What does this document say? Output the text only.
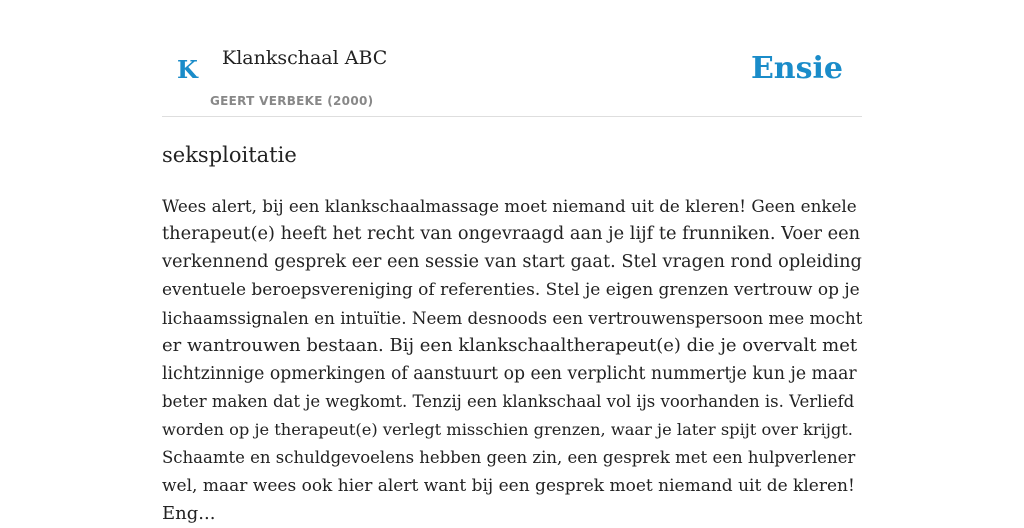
K Klankschaal ABC
GEERT VERBEKE (2000)
Ensie
seksploitatie
Wees alert, bij een klankschaalmassage moet niemand uit de kleren! Geen enkele
therapeut(e) heeft het recht van ongevraagd aan je lijf te frunniken. Voer een
verkennend gesprek eer een sessie van start gaat. Stel vragen rond opleiding
eventuele beroepsvereniging of referenties. Stel je eigen grenzen vertrouw op je
lichaamssignalen en intuïtie. Neem desnoods een vertrouwenspersoon mee mocht
er wantrouwen bestaan. Bij een klankschaaltherapeut(e) die je overvalt met
lichtzinnige opmerkingen of aanstuurt op een verplicht nummertje kun je maar
beter maken dat je wegkomt. Tenzij een klankschaal vol ijs voorhanden is. Verliefd
worden op je therapeut(e) verlegt misschien grenzen, waar je later spijt over krijgt.
Schaamte en schuldgevoelens hebben geen zin, een gesprek met een hulpverlener
wel, maar wees ook hier alert want bij een gesprek moet niemand uit de kleren!
Eng...
